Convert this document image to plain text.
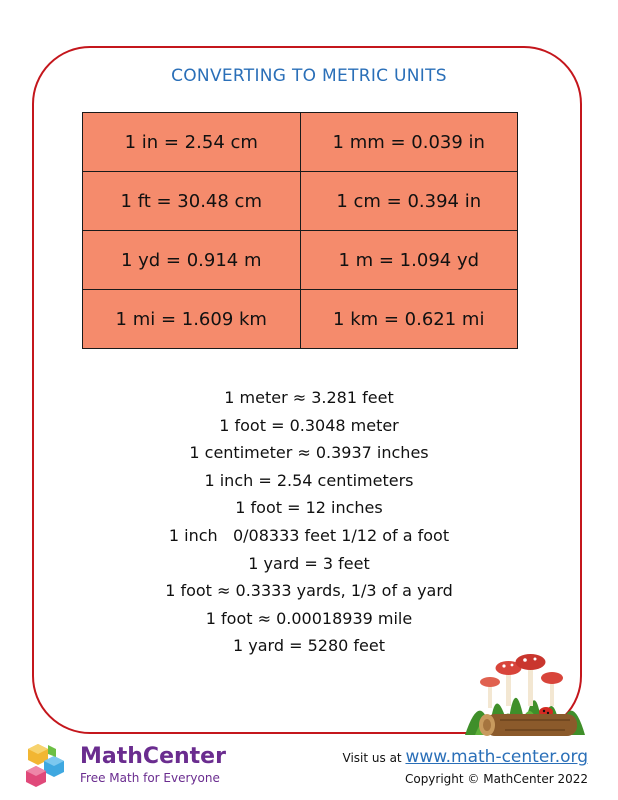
CONVERTING TO METRIC UNITS
1 in = 2.54 cm	1 mm = 0.039 in
1 ft = 30.48 cm	1 cm = 0.394 in
1 yd = 0.914 m	1 m = 1.094 yd
1 mi = 1.609 km	1 km = 0.621 mi
1 meter ≈ 3.281 feet
1 foot = 0.3048 meter
1 centimeter ≈ 0.3937 inches
1 inch = 2.54 centimeters
1 foot = 12 inches
1 inch   0/08333 feet 1/12 of a foot
1 yard = 3 feet
1 foot ≈ 0.3333 yards, 1/3 of a yard
1 foot ≈ 0.00018939 mile
1 yard = 5280 feet
MathCenter
Free Math for Everyone
Visit us at www.math-center.org
Copyright © MathCenter 2022
